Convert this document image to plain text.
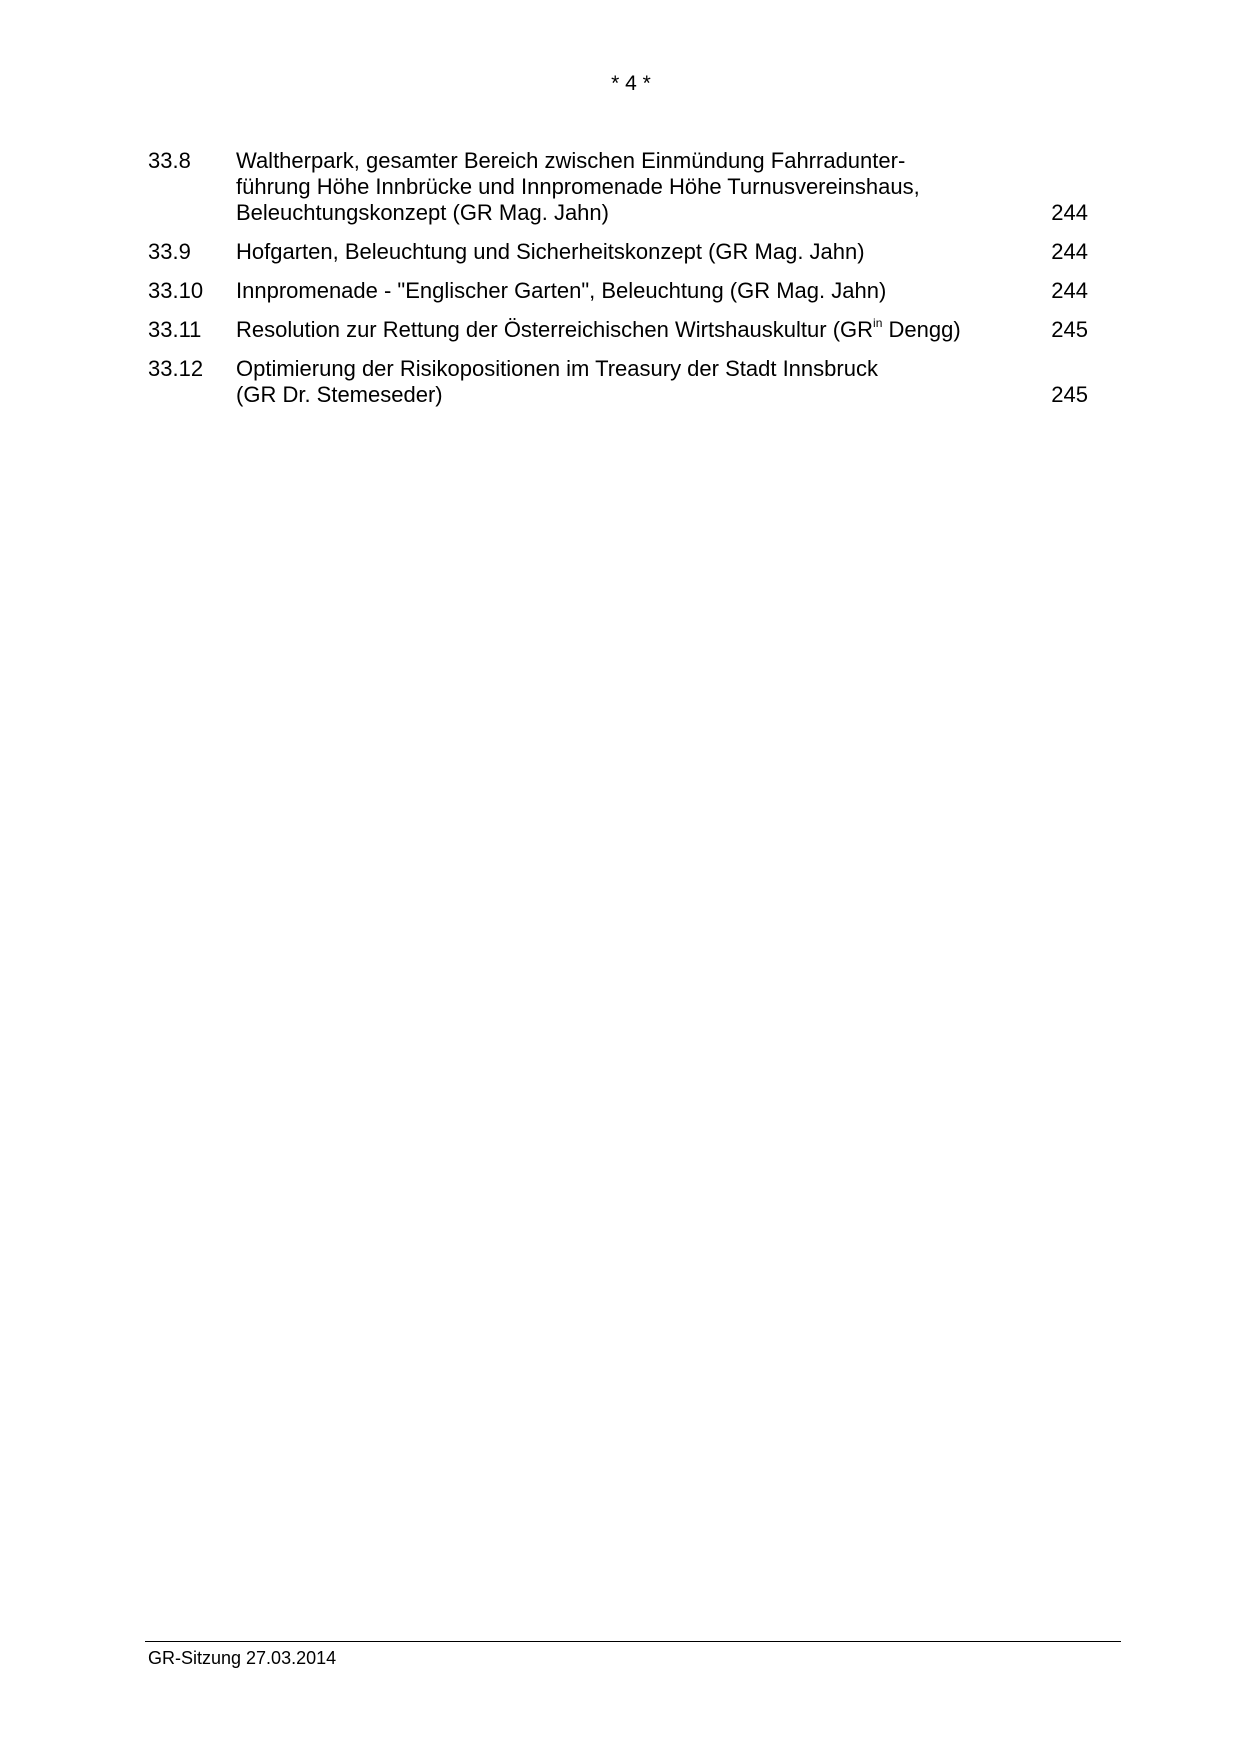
* 4 *
33.8	Waltherpark, gesamter Bereich zwischen Einmündung Fahrradunter-
führung Höhe Innbrücke und Innpromenade Höhe Turnusvereinshaus,
Beleuchtungskonzept (GR Mag. Jahn)	244
33.9	Hofgarten, Beleuchtung und Sicherheitskonzept (GR Mag. Jahn)	244
33.10	Innpromenade - "Englischer Garten", Beleuchtung (GR Mag. Jahn)	244
33.11	Resolution zur Rettung der Österreichischen Wirtshauskultur ($GR^{in}$ Dengg)	245
33.12	Optimierung der Risikopositionen im Treasury der Stadt Innsbruck
(GR Dr. Stemeseder)	245
GR-Sitzung 27.03.2014
